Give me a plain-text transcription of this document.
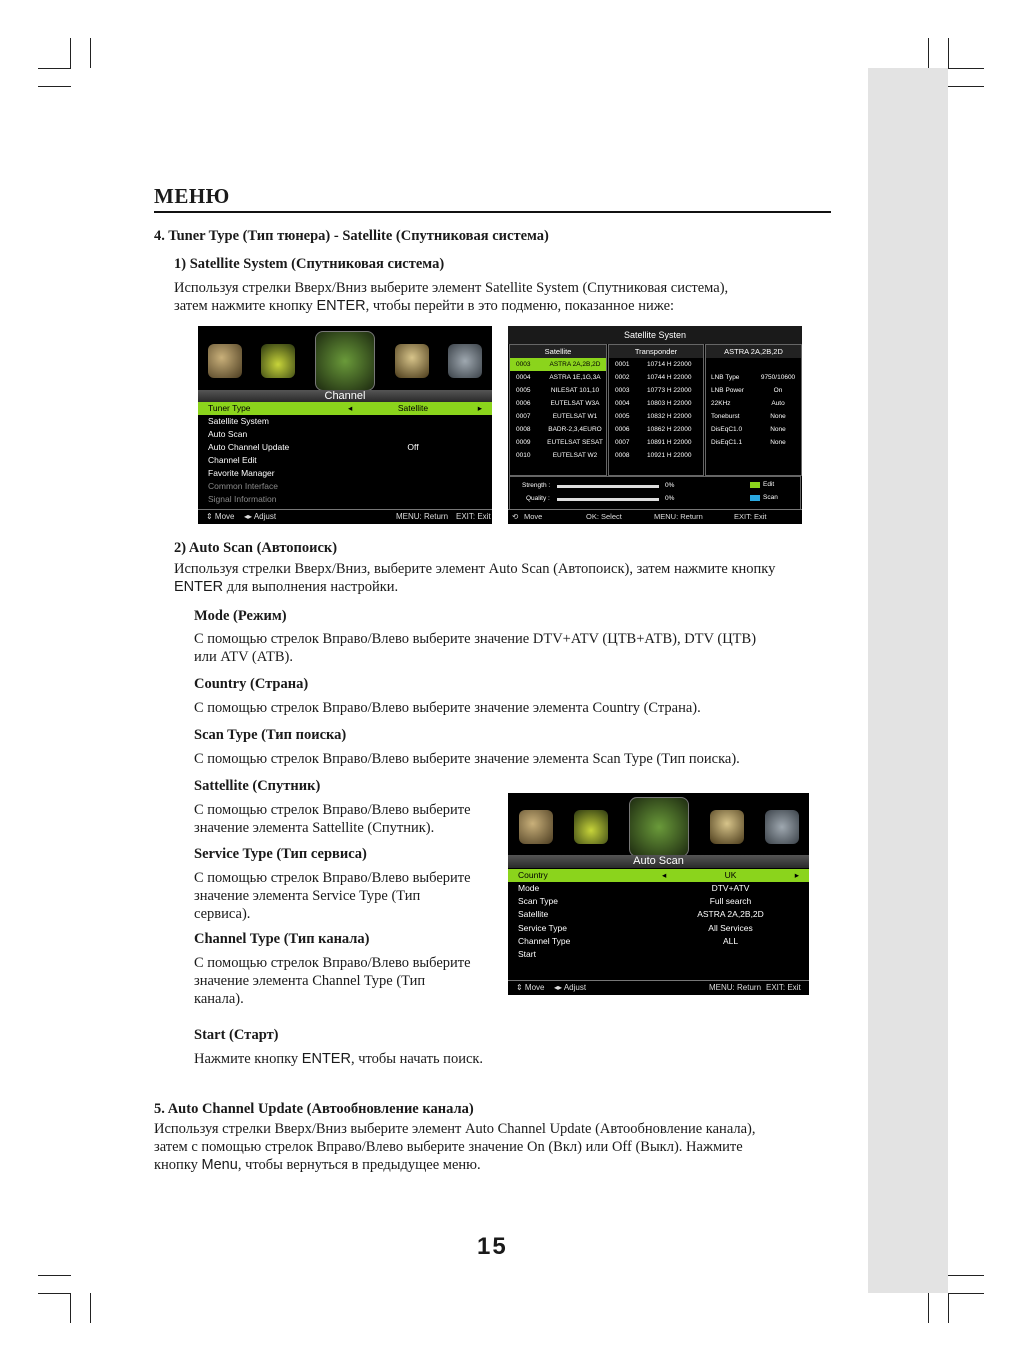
МЕНЮ
4. Tuner Type (Тип тюнера) - Satellite (Спутниковая система)
1) Satellite System (Спутниковая система)
Используя стрелки Вверх/Вниз выберите элемент Satellite System (Спутниковая система),
затем нажмите кнопку ENTER, чтобы перейти в это подменю, показанное ниже:
Channel
Tuner Type	◂	Satellite	▸
Satellite System
Auto Scan
Auto Channel Update	Off
Channel Edit
Favorite Manager
Common Interface
Signal Information
⇕ Move ◂▸ Adjust	MENU: Return EXIT: Exit
Satellite Systen
Satellite
0003	ASTRA 2A,2B,2D
0004	ASTRA 1E,1G,3A
0005	NILESAT 101,10
0006	EUTELSAT W3A
0007	EUTELSAT W1
0008	BADR-2,3,4EURO
0009	EUTELSAT SESAT
0010	EUTELSAT W2
Transponder
0001	10714 H 22000
0002	10744 H 22000
0003	10773 H 22000
0004	10803 H 22000
0005	10832 H 22000
0006	10862 H 22000
0007	10891 H 22000
0008	10921 H 22000
ASTRA 2A,2B,2D
LNB Type	9750/10600
LNB Power	On
22KHz	Auto
Toneburst	None
DisEqC1.0	None
DisEqC1.1	None
Strength :	0%
Quality :	0%
Edit
Scan
⟲ Move	OK: Select	MENU: Return	EXIT: Exit
2) Auto Scan (Автопоиск)
Используя стрелки Вверх/Вниз, выберите элемент Auto Scan (Автопоиск), затем нажмите кнопку
ENTER для выполнения настройки.
Mode (Режим)
С помощью стрелок Вправо/Влево выберите значение DTV+ATV (ЦТВ+АТВ), DTV (ЦТВ)
или ATV (АТВ).
Country (Страна)
С помощью стрелок Вправо/Влево выберите значение элемента Country (Страна).
Scan Type (Тип поиска)
С помощью стрелок Вправо/Влево выберите значение элемента Scan Type (Тип поиска).
Sattellite (Спутник)
С помощью стрелок Вправо/Влево выберите
значение элемента Sattellite (Спутник).
Service Type (Тип сервиса)
С помощью стрелок Вправо/Влево выберите
значение элемента Service Type (Тип
сервиса).
Channel Type (Тип канала)
С помощью стрелок Вправо/Влево выберите
значение элемента Channel Type (Тип
канала).
Auto Scan
Country	◂	UK	▸
Mode	DTV+ATV
Scan Type	Full search
Satellite	ASTRA 2A,2B,2D
Service Type	All Services
Channel Type	ALL
Start
⇕ Move ◂▸ Adjust	MENU: Return EXIT: Exit
Start (Старт)
Нажмите кнопку ENTER, чтобы начать поиск.
5. Auto Channel Update (Автообновление канала)
Используя стрелки Вверх/Вниз выберите элемент Auto Channel Update (Автообновление канала),
затем с помощью стрелок Вправо/Влево выберите значение On (Вкл) или Off (Выкл). Нажмите
кнопку Menu, чтобы вернуться в предыдущее меню.
15
